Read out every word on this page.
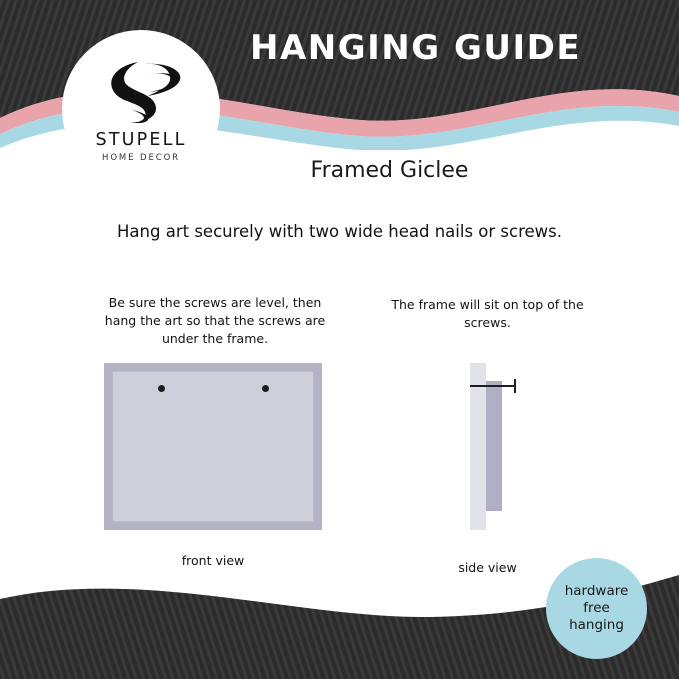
STUPELL
HOME DECOR
HANGING GUIDE
Framed Giclee
Hang art securely with two wide head nails or screws.
Be sure the screws are level, then hang the art so that the screws are under the frame.
The frame will sit on top of the screws.
front view	side view
hardware
free
hanging
